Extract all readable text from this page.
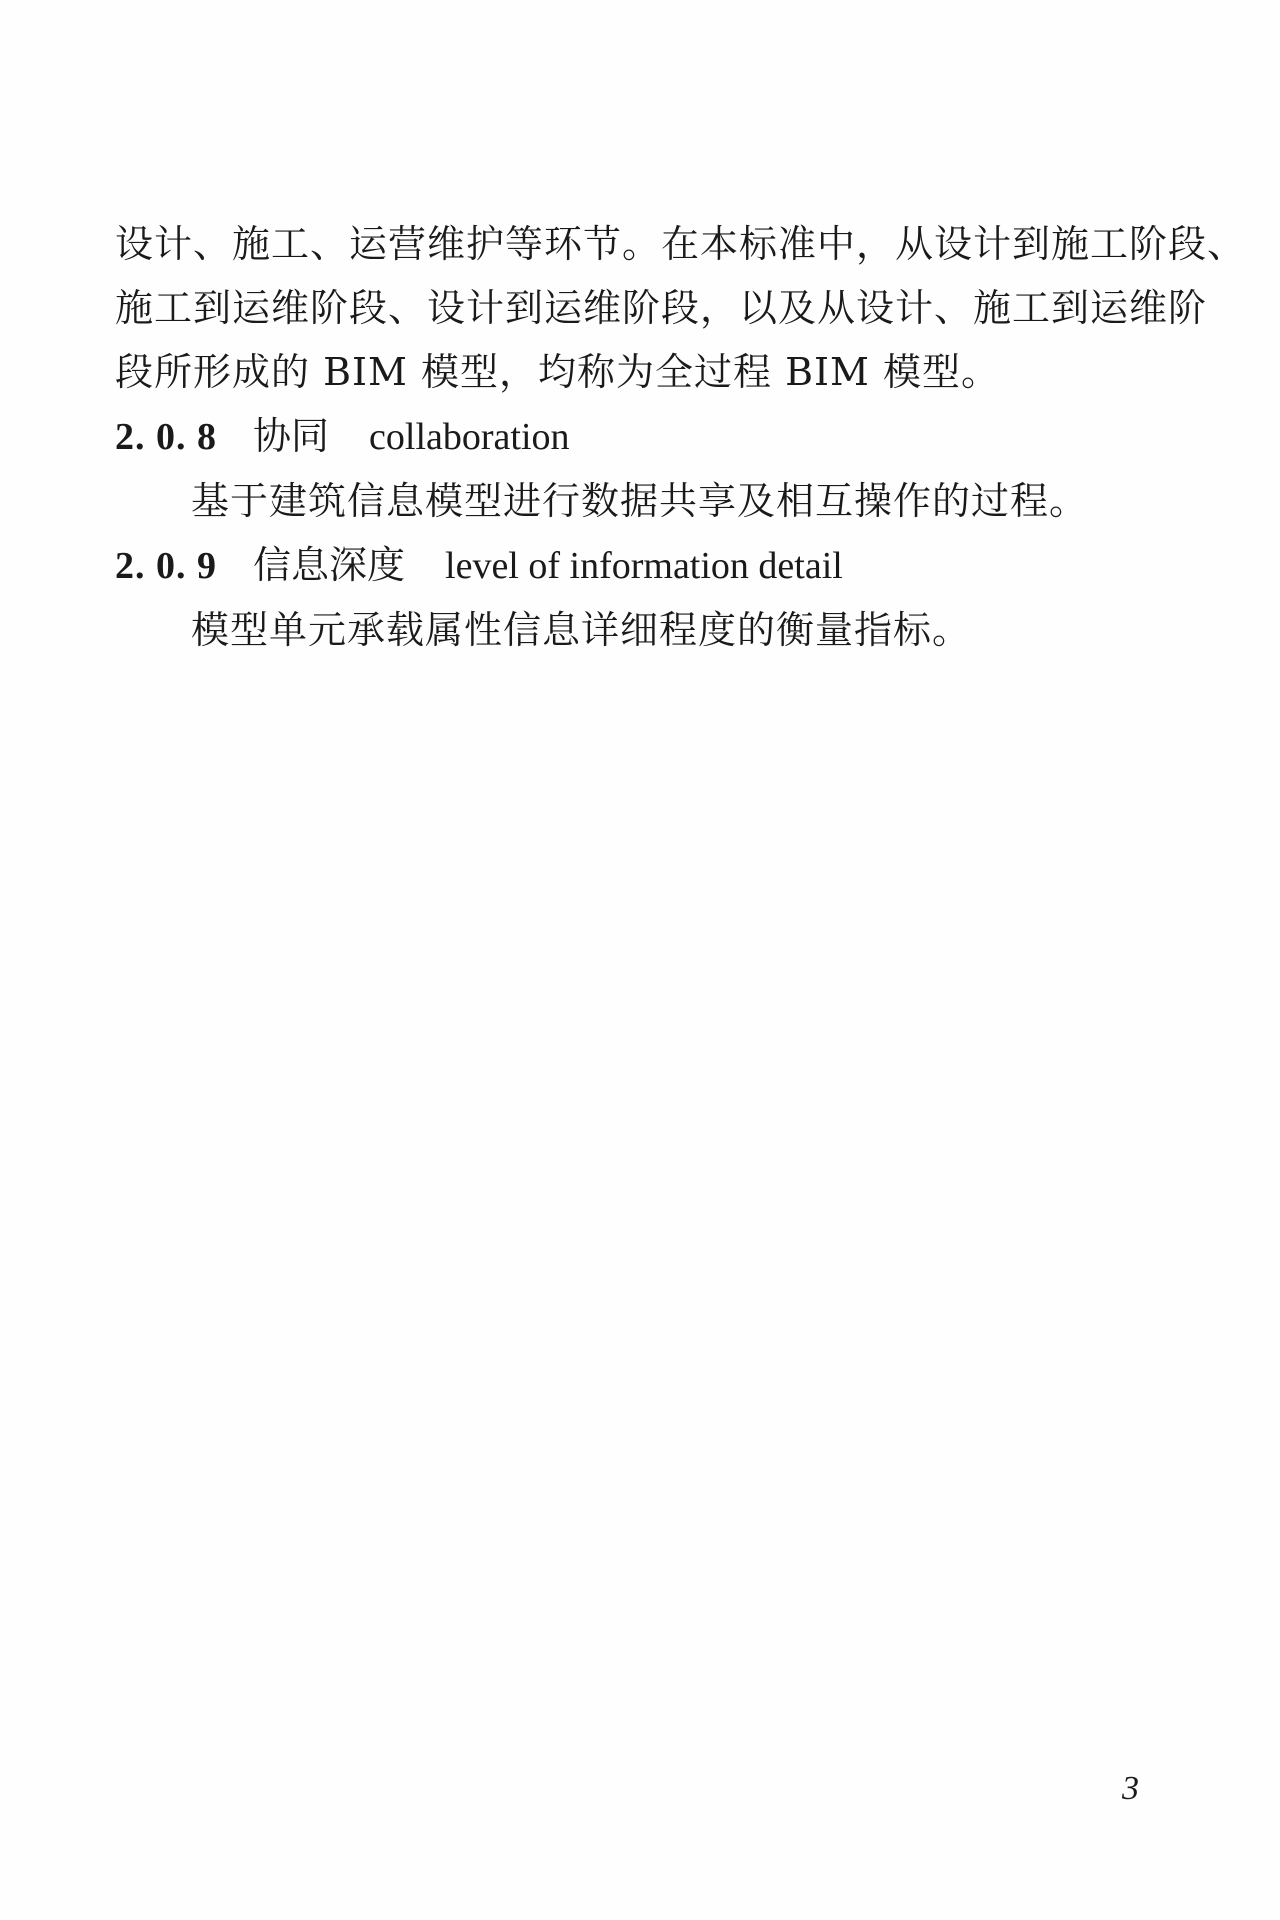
设计、施工、运营维护等环节。在本标准中，从设计到施工阶段、

施工到运维阶段、设计到运维阶段，以及从设计、施工到运维阶

段所形成的 BIM 模型，均称为全过程 BIM 模型。

2. 0. 8 协同 collaboration

基于建筑信息模型进行数据共享及相互操作的过程。

2. 0. 9 信息深度 level of information detail

模型单元承载属性信息详细程度的衡量指标。

3
